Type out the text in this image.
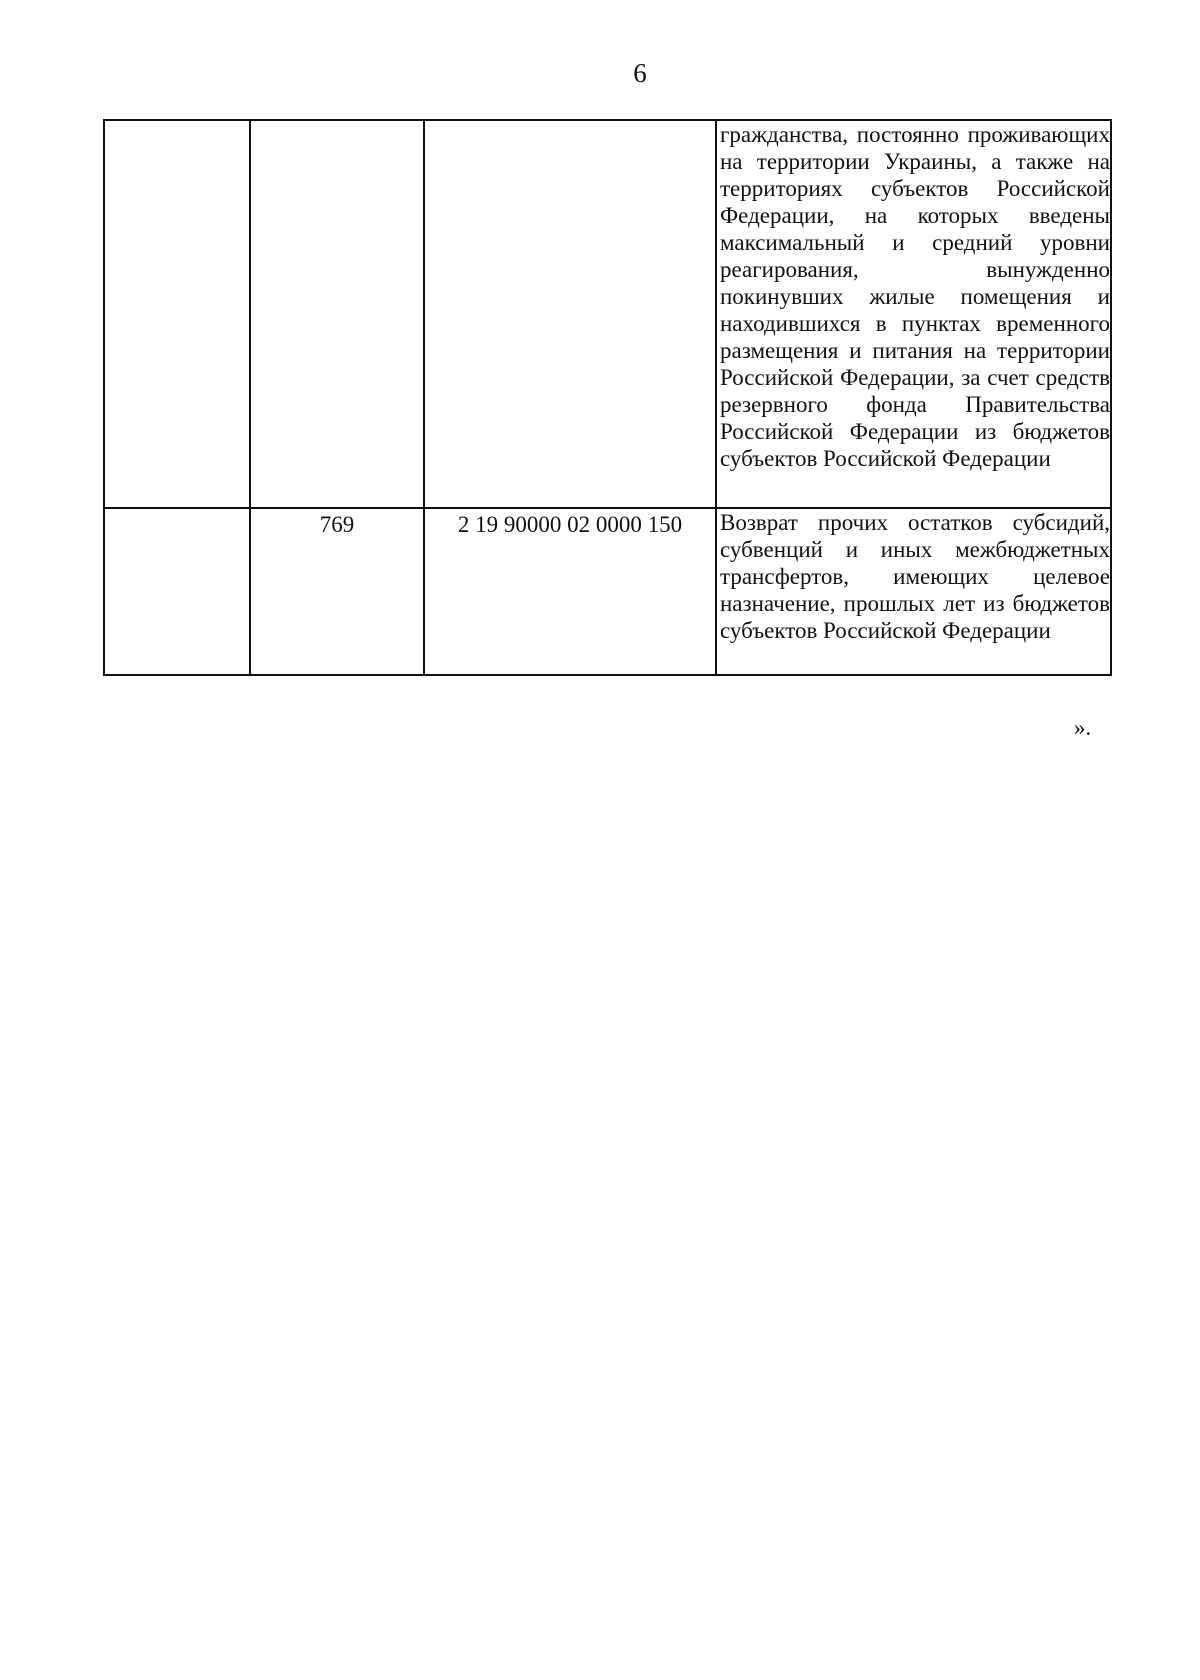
6
			гражданства, постоянно проживающих на территории Украины, а также на территориях субъектов Российской Федерации, на которых введены максимальный и средний уровни реагирования, вынужденно покинувших жилые помещения и находившихся в пунктах временного размещения и питания на территории Российской Федерации, за счет средств резервного фонда Правительства Российской Федерации из бюджетов субъектов Российской Федерации
	769	2 19 90000 02 0000 150	Возврат прочих остатков субсидий, субвенций и иных межбюджетных трансфертов, имеющих целевое назначение, прошлых лет из бюджетов субъектов Российской Федерации
».
